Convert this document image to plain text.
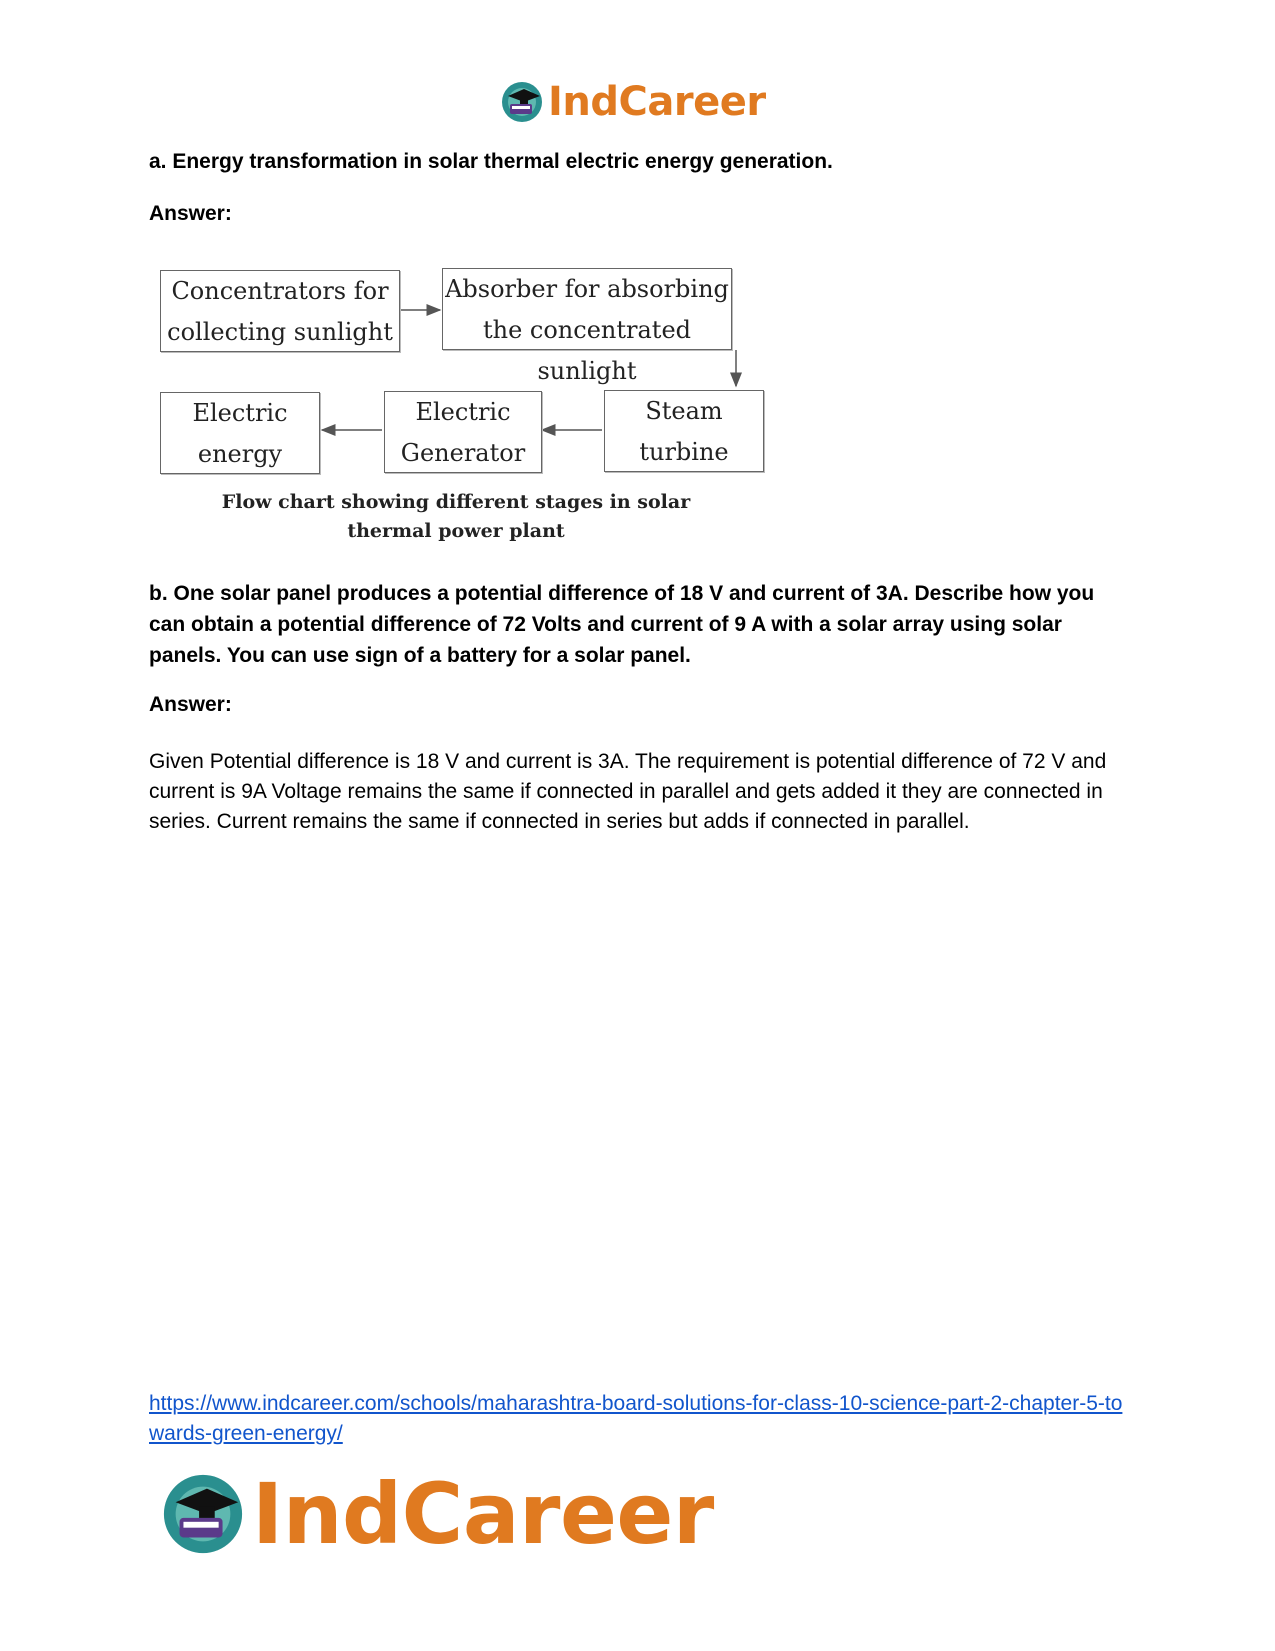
IndCareer

a. Energy transformation in solar thermal electric energy generation.

Answer:

Concentrators for
collecting sunlight
Absorber for absorbing
the concentrated sunlight
Steam
turbine
Electric
Generator
Electric
energy
Flow chart showing different stages in solar
thermal power plant

b. One solar panel produces a potential difference of 18 V and current of 3A. Describe how you can obtain a potential difference of 72 Volts and current of 9 A with a solar array using solar panels. You can use sign of a battery for a solar panel.

Answer:

Given Potential difference is 18 V and current is 3A. The requirement is potential difference of 72 V and current is 9A Voltage remains the same if connected in parallel and gets added it they are connected in series. Current remains the same if connected in series but adds if connected in parallel.

https://www.indcareer.com/schools/maharashtra-board-solutions-for-class-10-science-part-2-chapter-5-towards-green-energy/
IndCareer
